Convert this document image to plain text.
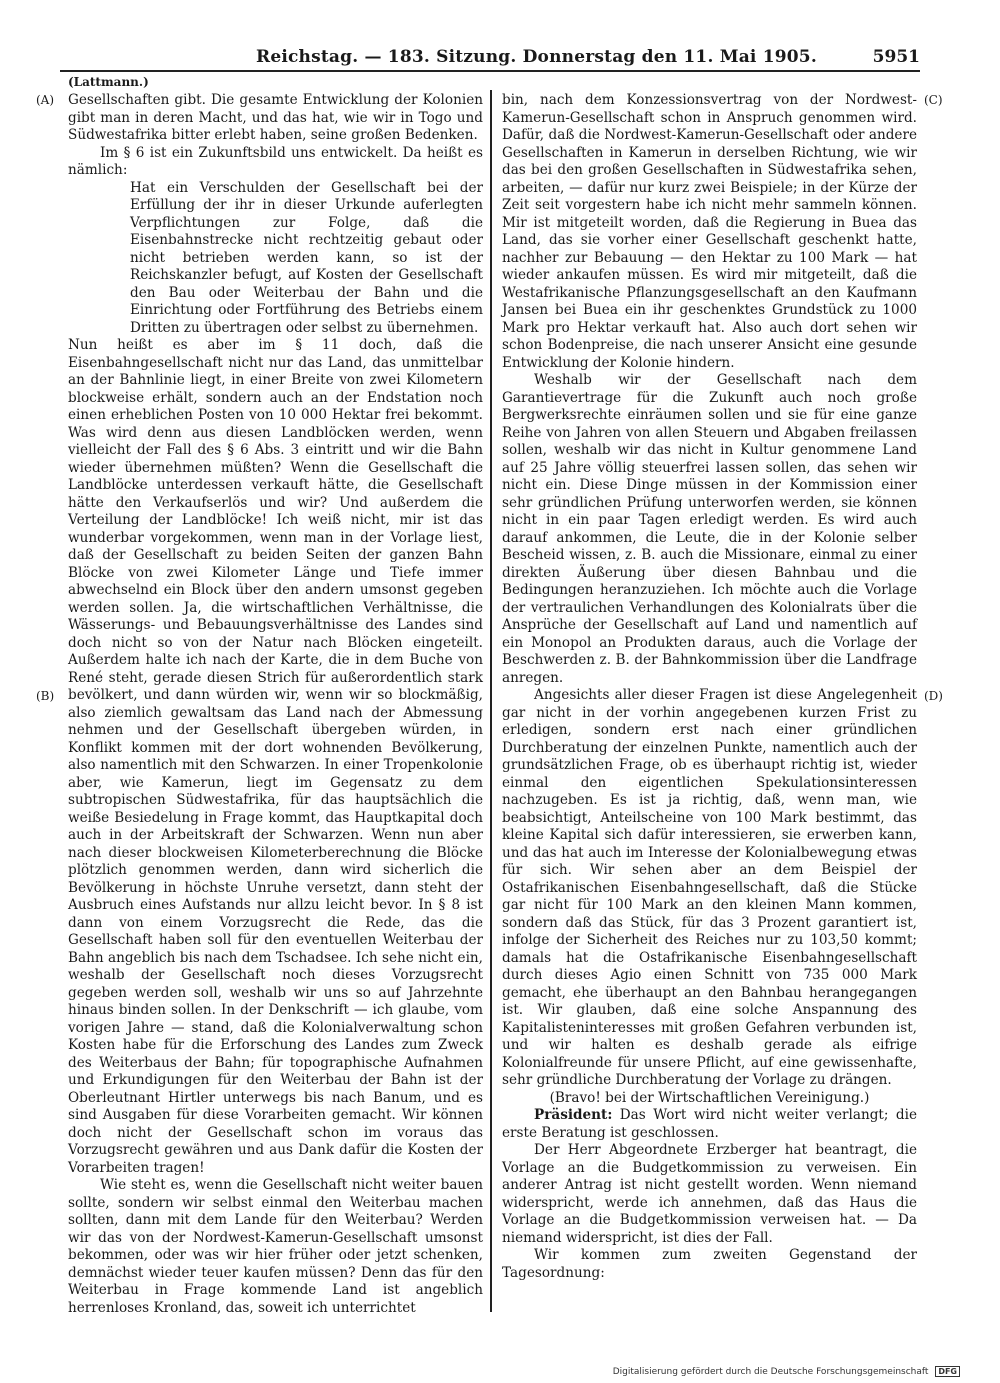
Reichstag. — 183. Sitzung. Donnerstag den 11. Mai 1905.	5951
(Lattmann.)
(A)
(B)
(C)
(D)

Gesellschaften gibt. Die gesamte Entwicklung der Kolonien gibt man in deren Macht, und das hat, wie wir in Togo und Südwestafrika bitter erlebt haben, seine großen Bedenken.

Im § 6 ist ein Zukunftsbild uns entwickelt. Da heißt es nämlich:

Hat ein Verschulden der Gesellschaft bei der Erfüllung der ihr in dieser Urkunde auferlegten Verpflichtungen zur Folge, daß die Eisenbahnstrecke nicht rechtzeitig gebaut oder nicht betrieben werden kann, so ist der Reichskanzler befugt, auf Kosten der Gesellschaft den Bau oder Weiterbau der Bahn und die Einrichtung oder Fortführung des Betriebs einem Dritten zu übertragen oder selbst zu übernehmen.

Nun heißt es aber im § 11 doch, daß die Eisenbahngesellschaft nicht nur das Land, das unmittelbar an der Bahnlinie liegt, in einer Breite von zwei Kilometern blockweise erhält, sondern auch an der Endstation noch einen erheblichen Posten von 10 000 Hektar frei bekommt. Was wird denn aus diesen Landblöcken werden, wenn vielleicht der Fall des § 6 Abs. 3 eintritt und wir die Bahn wieder übernehmen müßten? Wenn die Gesellschaft die Landblöcke unterdessen verkauft hätte, die Gesellschaft hätte den Verkaufserlös und wir? Und außerdem die Verteilung der Landblöcke! Ich weiß nicht, mir ist das wunderbar vorgekommen, wenn man in der Vorlage liest, daß der Gesellschaft zu beiden Seiten der ganzen Bahn Blöcke von zwei Kilometer Länge und Tiefe immer abwechselnd ein Block über den andern umsonst gegeben werden sollen. Ja, die wirtschaftlichen Verhältnisse, die Wässerungs- und Bebauungsverhältnisse des Landes sind doch nicht so von der Natur nach Blöcken eingeteilt. Außerdem halte ich nach der Karte, die in dem Buche von René steht, gerade diesen Strich für außerordentlich stark bevölkert, und dann würden wir, wenn wir so blockmäßig, also ziemlich gewaltsam das Land nach der Abmessung nehmen und der Gesellschaft übergeben würden, in Konflikt kommen mit der dort wohnenden Bevölkerung, also namentlich mit den Schwarzen. In einer Tropenkolonie aber, wie Kamerun, liegt im Gegensatz zu dem subtropischen Südwestafrika, für das hauptsächlich die weiße Besiedelung in Frage kommt, das Hauptkapital doch auch in der Arbeitskraft der Schwarzen. Wenn nun aber nach dieser blockweisen Kilometerberechnung die Blöcke plötzlich genommen werden, dann wird sicherlich die Bevölkerung in höchste Unruhe versetzt, dann steht der Ausbruch eines Aufstands nur allzu leicht bevor. In § 8 ist dann von einem Vorzugsrecht die Rede, das die Gesellschaft haben soll für den eventuellen Weiterbau der Bahn angeblich bis nach dem Tschadsee. Ich sehe nicht ein, weshalb der Gesellschaft noch dieses Vorzugsrecht gegeben werden soll, weshalb wir uns so auf Jahrzehnte hinaus binden sollen. In der Denkschrift — ich glaube, vom vorigen Jahre — stand, daß die Kolonialverwaltung schon Kosten habe für die Erforschung des Landes zum Zweck des Weiterbaus der Bahn; für topographische Aufnahmen und Erkundigungen für den Weiterbau der Bahn ist der Oberleutnant Hirtler unterwegs bis nach Banum, und es sind Ausgaben für diese Vorarbeiten gemacht. Wir können doch nicht der Gesellschaft schon im voraus das Vorzugsrecht gewähren und aus Dank dafür die Kosten der Vorarbeiten tragen!

Wie steht es, wenn die Gesellschaft nicht weiter bauen sollte, sondern wir selbst einmal den Weiterbau machen sollten, dann mit dem Lande für den Weiterbau? Werden wir das von der Nordwest-Kamerun-Gesellschaft umsonst bekommen, oder was wir hier früher oder jetzt schenken, demnächst wieder teuer kaufen müssen? Denn das für den Weiterbau in Frage kommende Land ist angeblich herrenloses Kronland, das, soweit ich unterrichtet

bin, nach dem Konzessionsvertrag von der Nordwest-Kamerun-Gesellschaft schon in Anspruch genommen wird. Dafür, daß die Nordwest-Kamerun-Gesellschaft oder andere Gesellschaften in Kamerun in derselben Richtung, wie wir das bei den großen Gesellschaften in Südwestafrika sehen, arbeiten, — dafür nur kurz zwei Beispiele; in der Kürze der Zeit seit vorgestern habe ich nicht mehr sammeln können. Mir ist mitgeteilt worden, daß die Regierung in Buea das Land, das sie vorher einer Gesellschaft geschenkt hatte, nachher zur Bebauung — den Hektar zu 100 Mark — hat wieder ankaufen müssen. Es wird mir mitgeteilt, daß die Westafrikanische Pflanzungsgesellschaft an den Kaufmann Jansen bei Buea ein ihr geschenktes Grundstück zu 1000 Mark pro Hektar verkauft hat. Also auch dort sehen wir schon Bodenpreise, die nach unserer Ansicht eine gesunde Entwicklung der Kolonie hindern.

Weshalb wir der Gesellschaft nach dem Garantievertrage für die Zukunft auch noch große Bergwerksrechte einräumen sollen und sie für eine ganze Reihe von Jahren von allen Steuern und Abgaben freilassen sollen, weshalb wir das nicht in Kultur genommene Land auf 25 Jahre völlig steuerfrei lassen sollen, das sehen wir nicht ein. Diese Dinge müssen in der Kommission einer sehr gründlichen Prüfung unterworfen werden, sie können nicht in ein paar Tagen erledigt werden. Es wird auch darauf ankommen, die Leute, die in der Kolonie selber Bescheid wissen, z. B. auch die Missionare, einmal zu einer direkten Äußerung über diesen Bahnbau und die Bedingungen heranzuziehen. Ich möchte auch die Vorlage der vertraulichen Verhandlungen des Kolonialrats über die Ansprüche der Gesellschaft auf Land und namentlich auf ein Monopol an Produkten daraus, auch die Vorlage der Beschwerden z. B. der Bahnkommission über die Landfrage anregen.

Angesichts aller dieser Fragen ist diese Angelegenheit gar nicht in der vorhin angegebenen kurzen Frist zu erledigen, sondern erst nach einer gründlichen Durchberatung der einzelnen Punkte, namentlich auch der grundsätzlichen Frage, ob es überhaupt richtig ist, wieder einmal den eigentlichen Spekulationsinteressen nachzugeben. Es ist ja richtig, daß, wenn man, wie beabsichtigt, Anteilscheine von 100 Mark bestimmt, das kleine Kapital sich dafür interessieren, sie erwerben kann, und das hat auch im Interesse der Kolonialbewegung etwas für sich. Wir sehen aber an dem Beispiel der Ostafrikanischen Eisenbahngesellschaft, daß die Stücke gar nicht für 100 Mark an den kleinen Mann kommen, sondern daß das Stück, für das 3 Prozent garantiert ist, infolge der Sicherheit des Reiches nur zu 103,50 kommt; damals hat die Ostafrikanische Eisenbahngesellschaft durch dieses Agio einen Schnitt von 735 000 Mark gemacht, ehe überhaupt an den Bahnbau herangegangen ist. Wir glauben, daß eine solche Anspannung des Kapitalisteninteresses mit großen Gefahren verbunden ist, und wir halten es deshalb gerade als eifrige Kolonialfreunde für unsere Pflicht, auf eine gewissenhafte, sehr gründliche Durchberatung der Vorlage zu drängen.

(Bravo! bei der Wirtschaftlichen Vereinigung.)

Präsident: Das Wort wird nicht weiter verlangt; die erste Beratung ist geschlossen.

Der Herr Abgeordnete Erzberger hat beantragt, die Vorlage an die Budgetkommission zu verweisen. Ein anderer Antrag ist nicht gestellt worden. Wenn niemand widerspricht, werde ich annehmen, daß das Haus die Vorlage an die Budgetkommission verweisen hat. — Da niemand widerspricht, ist dies der Fall.

Wir kommen zum zweiten Gegenstand der Tagesordnung:

Digitalisierung gefördert durch die Deutsche Forschungsgemeinschaft DFG
